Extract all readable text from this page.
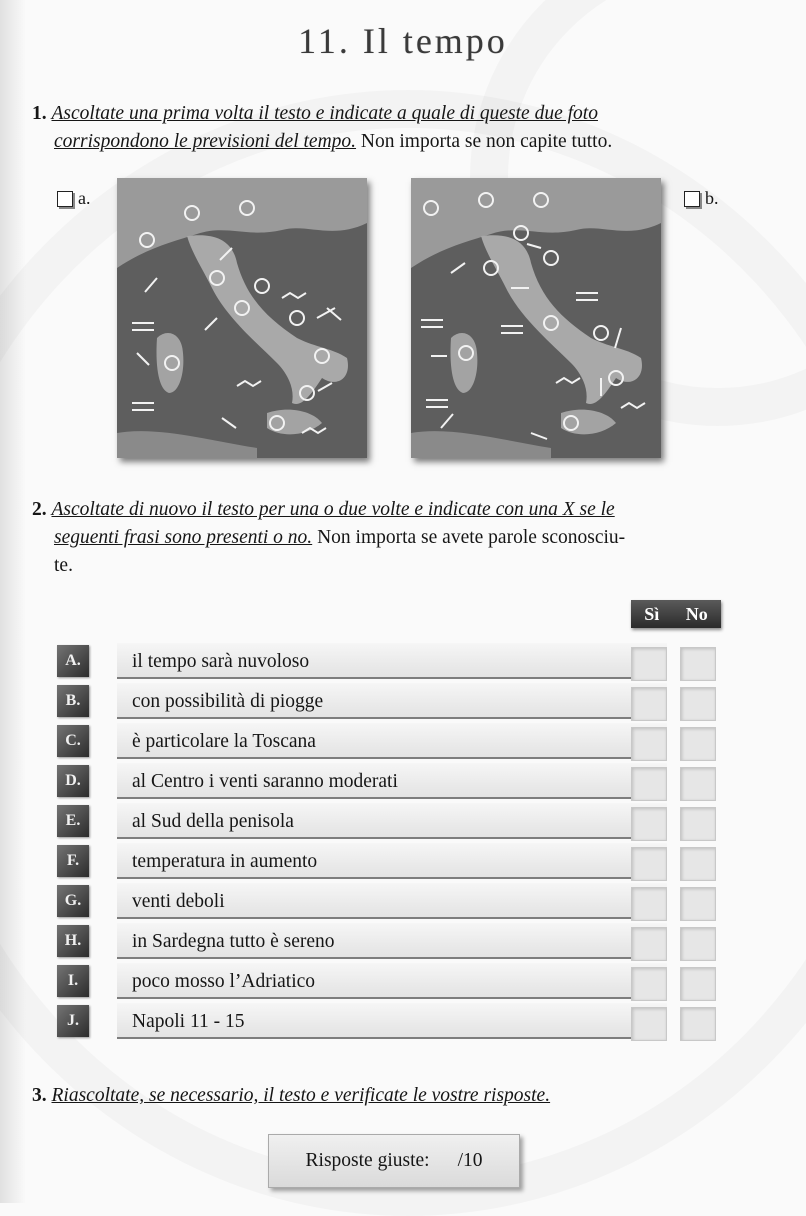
11. Il tempo
1. Ascoltate una prima volta il testo e indicate a quale di queste due foto
corrispondono le previsioni del tempo. Non importa se non capite tutto.
a.	b.
2. Ascoltate di nuovo il testo per una o due volte e indicate con una X se le
seguenti frasi sono presenti o no. Non importa se avete parole sconosciu-
te.
Sì No
A.	il tempo sarà nuvoloso
B.	con possibilità di piogge
C.	è particolare la Toscana
D.	al Centro i venti saranno moderati
E.	al Sud della penisola
F.	temperatura in aumento
G.	venti deboli
H.	in Sardegna tutto è sereno
I.	poco mosso l’Adriatico
J.	Napoli 11 - 15
3. Riascoltate, se necessario, il testo e verificate le vostre risposte.
Risposte giuste: /10
